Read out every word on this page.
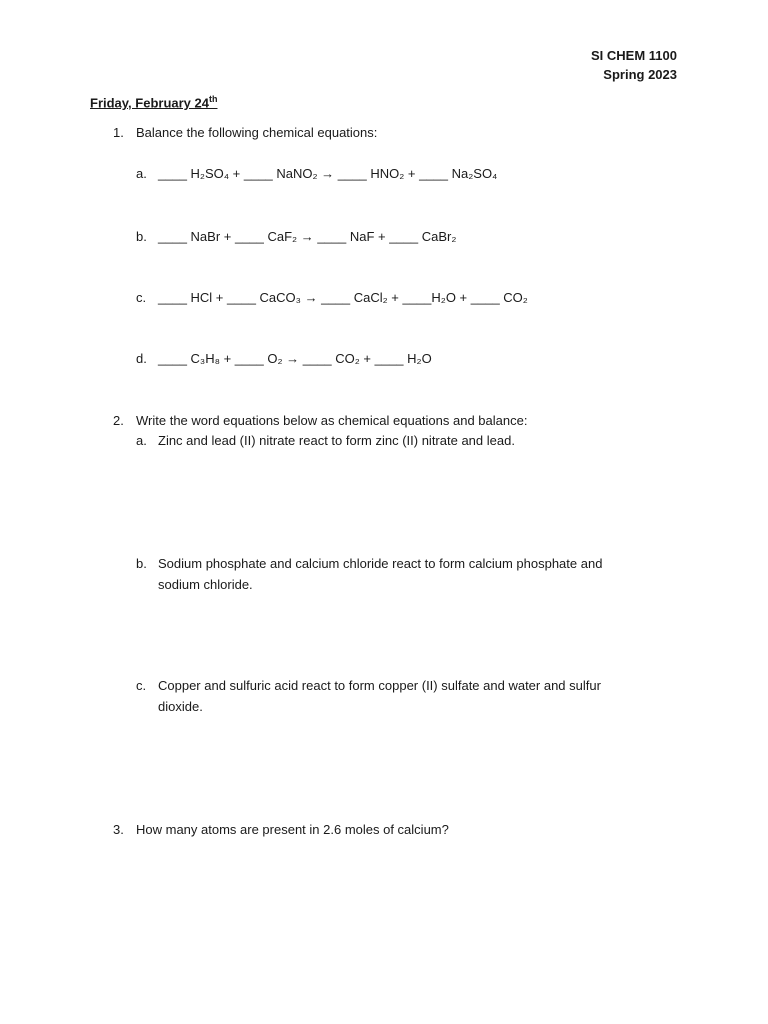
SI CHEM 1100
Spring 2023
Friday, February 24th
1. Balance the following chemical equations:
a. ____ H₂SO₄ + ____ NaNO₂ → ____ HNO₂ + ____ Na₂SO₄
b. ____ NaBr + ____ CaF₂ → ____ NaF + ____ CaBr₂
c. ____ HCl + ____ CaCO₃ → ____ CaCl₂ + ____H₂O + ____ CO₂
d. ____ C₃H₈ + ____ O₂ → ____ CO₂ + ____ H₂O
2. Write the word equations below as chemical equations and balance:
a. Zinc and lead (II) nitrate react to form zinc (II) nitrate and lead.
b. Sodium phosphate and calcium chloride react to form calcium phosphate and sodium chloride.
c. Copper and sulfuric acid react to form copper (II) sulfate and water and sulfur dioxide.
3. How many atoms are present in 2.6 moles of calcium?
